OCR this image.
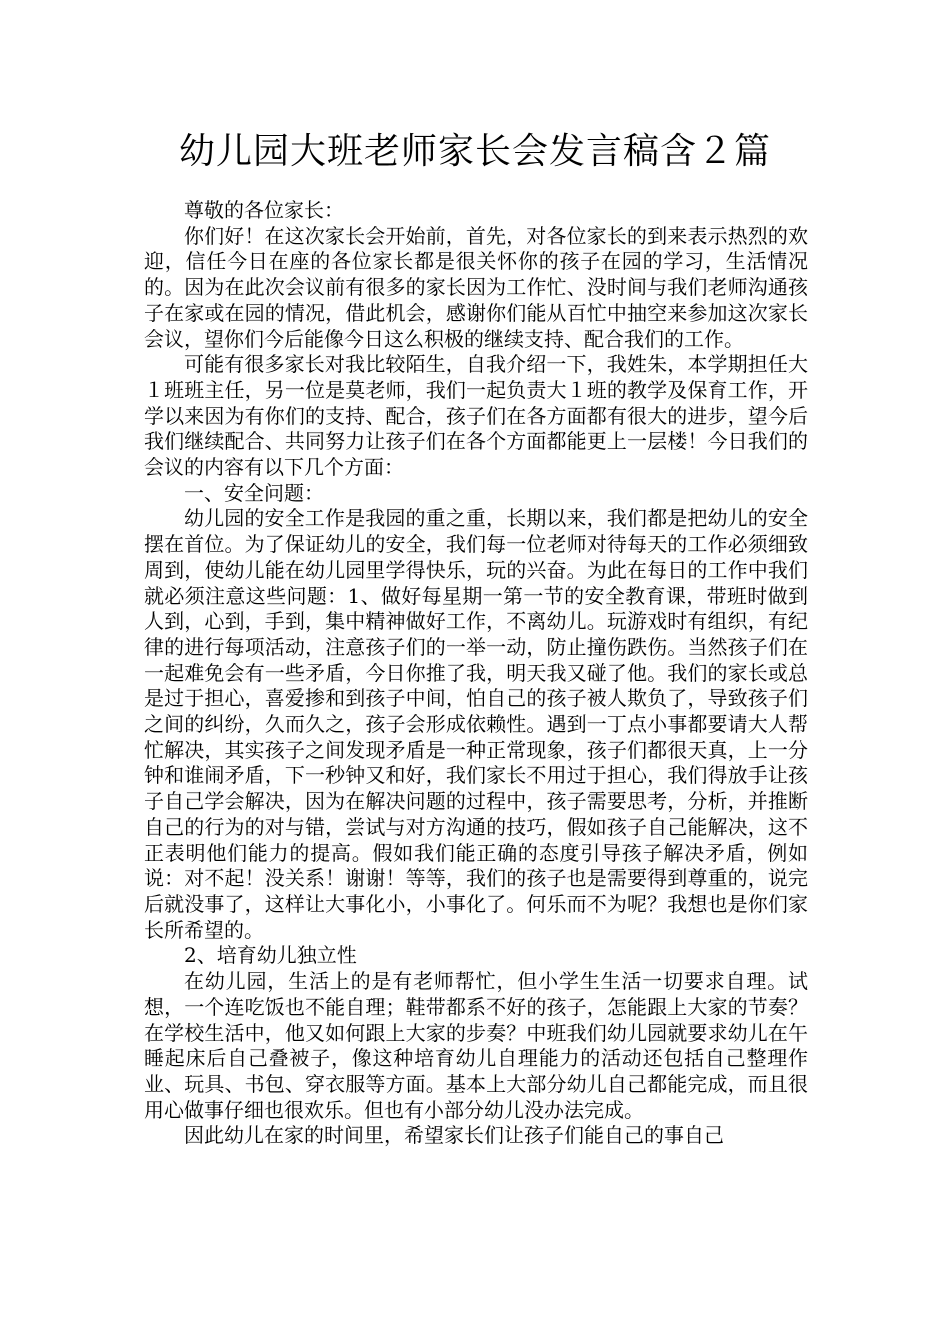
幼儿园大班老师家长会发言稿含２篇

尊敬的各位家长：

你们好！在这次家长会开始前，首先，对各位家长的到来表示热烈的欢迎，信任今日在座的各位家长都是很关怀你的孩子在园的学习，生活情况的。因为在此次会议前有很多的家长因为工作忙、没时间与我们老师沟通孩子在家或在园的情况，借此机会，感谢你们能从百忙中抽空来参加这次家长会议，望你们今后能像今日这么积极的继续支持、配合我们的工作。

可能有很多家长对我比较陌生，自我介绍一下，我姓朱，本学期担任大１班班主任，另一位是莫老师，我们一起负责大１班的教学及保育工作，开学以来因为有你们的支持、配合，孩子们在各方面都有很大的进步，望今后我们继续配合、共同努力让孩子们在各个方面都能更上一层楼！今日我们的会议的内容有以下几个方面：

一、安全问题：

幼儿园的安全工作是我园的重之重，长期以来，我们都是把幼儿的安全摆在首位。为了保证幼儿的安全，我们每一位老师对待每天的工作必须细致周到，使幼儿能在幼儿园里学得快乐，玩的兴奋。为此在每日的工作中我们就必须注意这些问题：1、做好每星期一第一节的安全教育课，带班时做到人到，心到，手到，集中精神做好工作，不离幼儿。玩游戏时有组织，有纪律的进行每项活动，注意孩子们的一举一动，防止撞伤跌伤。当然孩子们在一起难免会有一些矛盾，今日你推了我，明天我又碰了他。我们的家长或总是过于担心，喜爱掺和到孩子中间，怕自己的孩子被人欺负了，导致孩子们之间的纠纷，久而久之，孩子会形成依赖性。遇到一丁点小事都要请大人帮忙解决，其实孩子之间发现矛盾是一种正常现象，孩子们都很天真，上一分钟和谁闹矛盾，下一秒钟又和好，我们家长不用过于担心，我们得放手让孩子自己学会解决，因为在解决问题的过程中，孩子需要思考，分析，并推断自己的行为的对与错，尝试与对方沟通的技巧，假如孩子自己能解决，这不正表明他们能力的提高。假如我们能正确的态度引导孩子解决矛盾，例如说：对不起！没关系！谢谢！等等，我们的孩子也是需要得到尊重的，说完后就没事了，这样让大事化小，小事化了。何乐而不为呢？我想也是你们家长所希望的。

2、培育幼儿独立性

在幼儿园，生活上的是有老师帮忙，但小学生生活一切要求自理。试想，一个连吃饭也不能自理；鞋带都系不好的孩子，怎能跟上大家的节奏？在学校生活中，他又如何跟上大家的步奏？中班我们幼儿园就要求幼儿在午睡起床后自己叠被子，像这种培育幼儿自理能力的活动还包括自己整理作业、玩具、书包、穿衣服等方面。基本上大部分幼儿自己都能完成，而且很用心做事仔细也很欢乐。但也有小部分幼儿没办法完成。

因此幼儿在家的时间里，希望家长们让孩子们能自己的事自己
